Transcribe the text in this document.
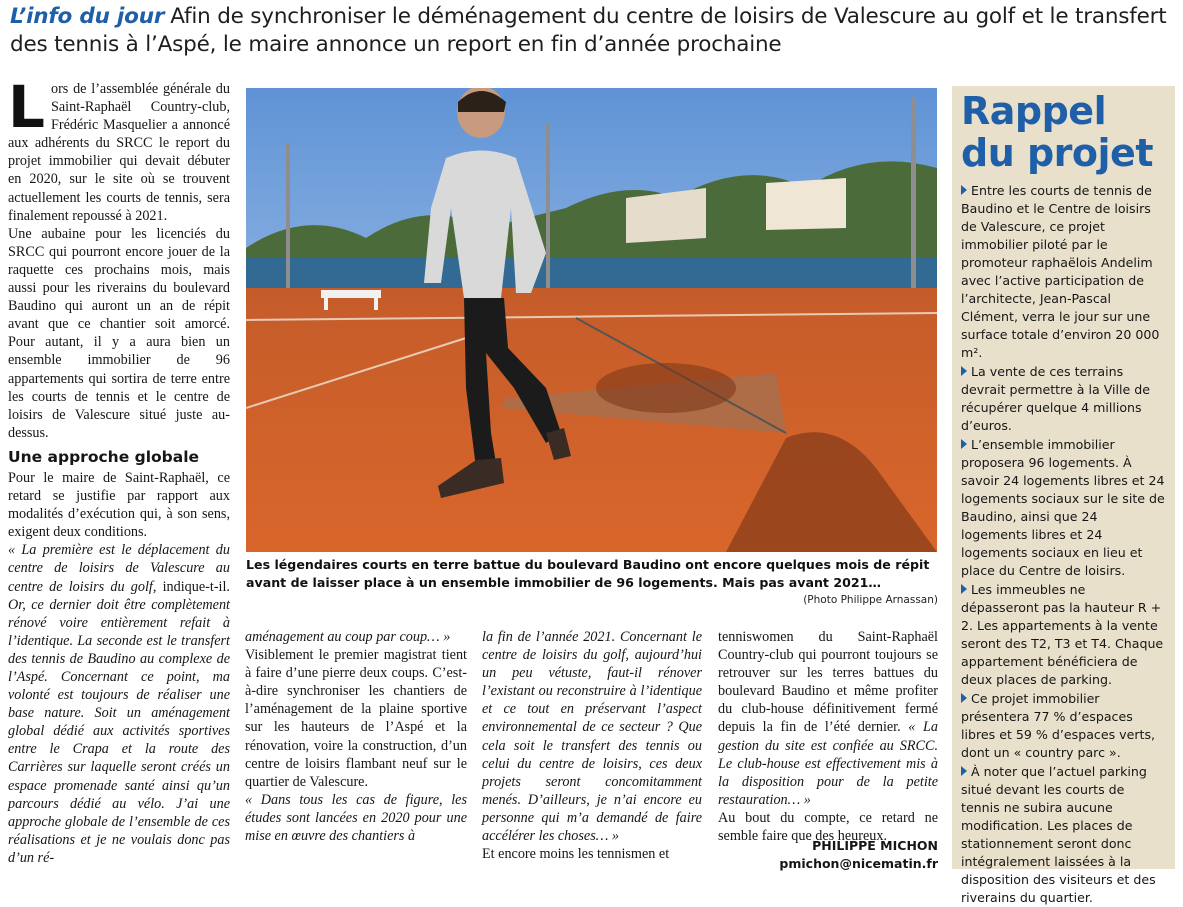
L’info du jour Afin de synchroniser le déménagement du centre de loisirs de Valescure au golf et le transfert des tennis à l’Aspé, le maire annonce un report en fin d’année prochaine

Lors de l’assemblée générale du Saint-Raphaël Country-club, Frédéric Masquelier a annoncé aux adhérents du SRCC le report du projet immobilier qui devait débuter en 2020, sur le site où se trouvent actuellement les courts de tennis, sera finalement repoussé à 2021.

Une aubaine pour les licenciés du SRCC qui pourront encore jouer de la raquette ces prochains mois, mais aussi pour les riverains du boulevard Baudino qui auront un an de répit avant que ce chantier soit amorcé. Pour autant, il y a aura bien un ensemble immobilier de 96 appartements qui sortira de terre entre les courts de tennis et le centre de loisirs de Valescure situé juste au-dessus.

Une approche globale

Pour le maire de Saint-Raphaël, ce retard se justifie par rapport aux modalités d’exécution qui, à son sens, exigent deux conditions.

« La première est le déplacement du centre de loisirs de Valescure au centre de loisirs du golf, indique-t-il. Or, ce dernier doit être complètement rénové voire entièrement refait à l’identique. La seconde est le transfert des tennis de Baudino au complexe de l’Aspé. Concernant ce point, ma volonté est toujours de réaliser une base nature. Soit un aménagement global dédié aux activités sportives entre le Crapa et la route des Carrières sur laquelle seront créés un espace promenade santé ainsi qu’un parcours dédié au vélo. J’ai une approche globale de l’ensemble de ces réalisations et je ne voulais donc pas d’un ré-

Les légendaires courts en terre battue du boulevard Baudino ont encore quelques mois de répit avant de laisser place à un ensemble immobilier de 96 logements. Mais pas avant 2021…
(Photo Philippe Arnassan)

aménagement au coup par coup… »

Visiblement le premier magistrat tient à faire d’une pierre deux coups. C’est-à-dire synchroniser les chantiers de l’aménagement de la plaine sportive sur les hauteurs de l’Aspé et la rénovation, voire la construction, d’un centre de loisirs flambant neuf sur le quartier de Valescure.

« Dans tous les cas de figure, les études sont lancées en 2020 pour une mise en œuvre des chantiers à

la fin de l’année 2021. Concernant le centre de loisirs du golf, aujourd’hui un peu vétuste, faut-il rénover l’existant ou reconstruire à l’identique et ce tout en préservant l’aspect environnemental de ce secteur ? Que cela soit le transfert des tennis ou celui du centre de loisirs, ces deux projets seront concomitamment menés. D’ailleurs, je n’ai encore eu personne qui m’a demandé de faire accélérer les choses… »

Et encore moins les tennismen et

tenniswomen du Saint-Raphaël Country-club qui pourront toujours se retrouver sur les terres battues du boulevard Baudino et même profiter du club-house définitivement fermé depuis la fin de l’été dernier. « La gestion du site est confiée au SRCC. Le club-house est effectivement mis à la disposition pour de la petite restauration… »

Au bout du compte, ce retard ne semble faire que des heureux.

PHILIPPE MICHON
pmichon@nicematin.fr
Rappel
du projet
Entre les courts de tennis de Baudino et le Centre de loisirs de Valescure, ce projet immobilier piloté par le promoteur raphaëlois Andelim avec l’active participation de l’architecte, Jean-Pascal Clément, verra le jour sur une surface totale d’environ 20 000 m².
La vente de ces terrains devrait permettre à la Ville de récupérer quelque 4 millions d’euros.
L’ensemble immobilier proposera 96 logements. À savoir 24 logements libres et 24 logements sociaux sur le site de Baudino, ainsi que 24 logements libres et 24 logements sociaux en lieu et place du Centre de loisirs.
Les immeubles ne dépasseront pas la hauteur R + 2. Les appartements à la vente seront des T2, T3 et T4. Chaque appartement bénéficiera de deux places de parking.
Ce projet immobilier présentera 77 % d’espaces libres et 59 % d’espaces verts, dont un « country parc ».
À noter que l’actuel parking situé devant les courts de tennis ne subira aucune modification. Les places de stationnement seront donc intégralement laissées à la disposition des visiteurs et des riverains du quartier.
